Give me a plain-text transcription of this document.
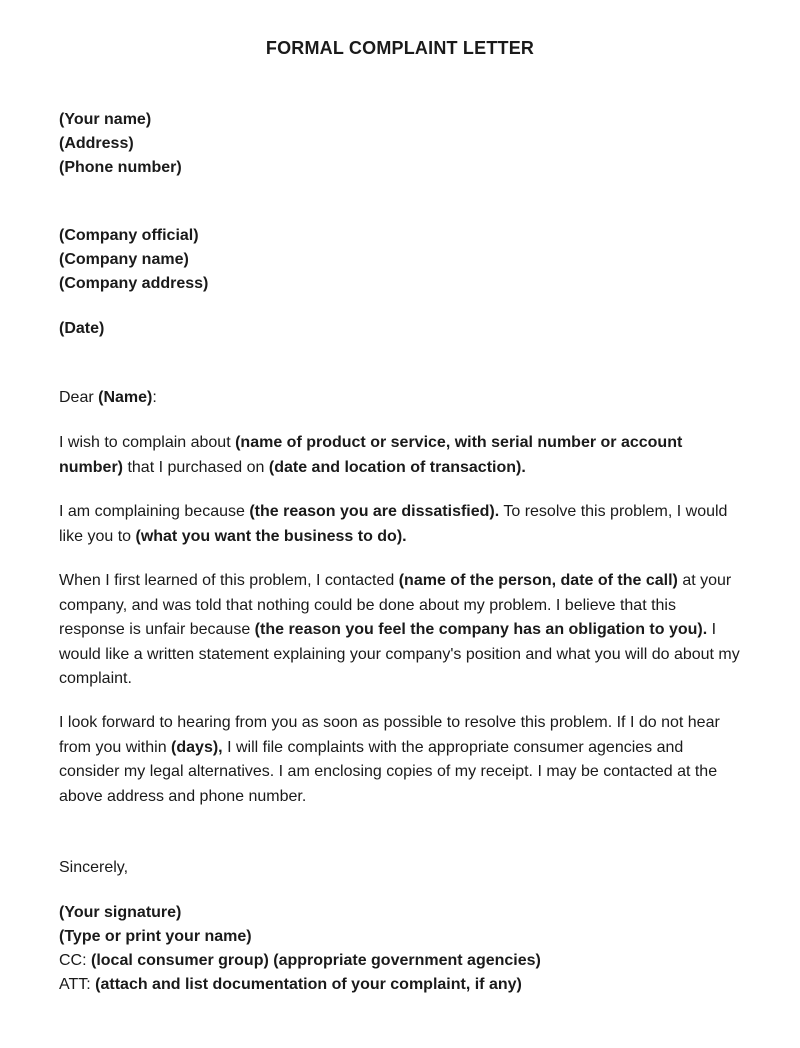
FORMAL COMPLAINT LETTER

(Your name)

(Address)

(Phone number)

(Company official)

(Company name)

(Company address)

(Date)

Dear (Name):

I wish to complain about (name of product or service, with serial number or account number) that I purchased on (date and location of transaction).

I am complaining because (the reason you are dissatisfied). To resolve this problem, I would like you to (what you want the business to do).

When I first learned of this problem, I contacted (name of the person, date of the call) at your company, and was told that nothing could be done about my problem. I believe that this response is unfair because (the reason you feel the company has an obligation to you). I would like a written statement explaining your company's position and what you will do about my complaint.

I look forward to hearing from you as soon as possible to resolve this problem. If I do not hear from you within (days), I will file complaints with the appropriate consumer agencies and consider my legal alternatives. I am enclosing copies of my receipt. I may be contacted at the above address and phone number.

Sincerely,

(Your signature)

(Type or print your name)

CC: (local consumer group) (appropriate government agencies)

ATT: (attach and list documentation of your complaint, if any)
